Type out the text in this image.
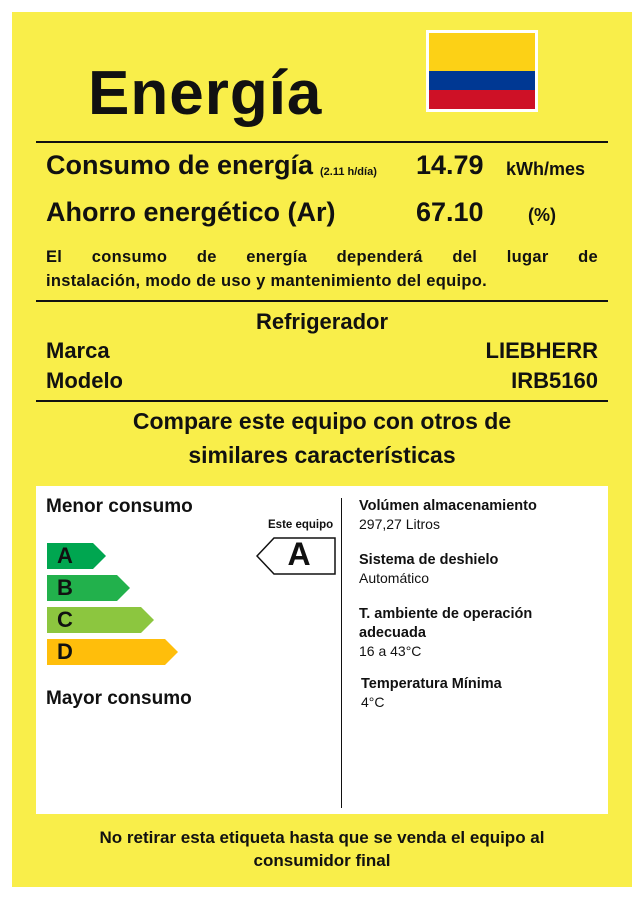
Energía
Consumo de energía (2.11 h/día) 14.79 kWh/mes
Ahorro energético (Ar)	67.10 (%)
El consumo de energía dependerá del lugar de
instalación, modo de uso y mantenimiento del equipo.
Refrigerador
Marca	LIEBHERR
Modelo	IRB5160
Compare este equipo con otros de
similares características
Menor consumo
A
B
C
D
Este equipo
A
Mayor consumo
Volúmen almacenamiento
297,27 Litros
Sistema de deshielo
Automático
T. ambiente de operación
adecuada
16 a 43°C
Temperatura Mínima
4°C
No retirar esta etiqueta hasta que se venda el equipo al
consumidor final
